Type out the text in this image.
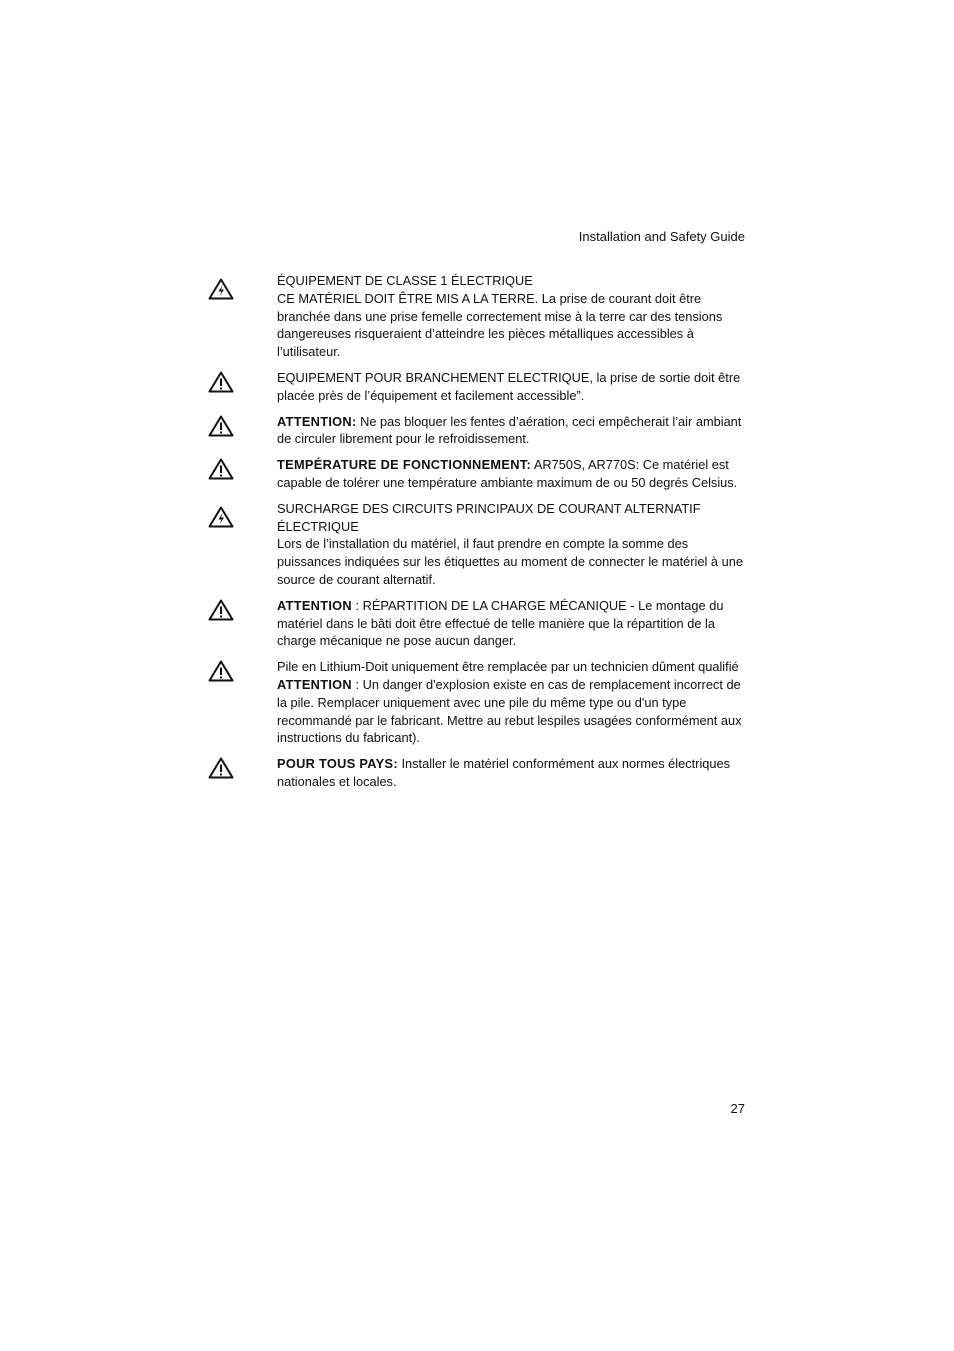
Installation and Safety Guide
ÉQUIPEMENT DE CLASSE 1 ÉLECTRIQUE
CE MATÉRIEL DOIT ÊTRE MIS A LA TERRE. La prise de courant doit être branchée dans une prise femelle correctement mise à la terre car des tensions dangereuses risqueraient d’atteindre les pièces métalliques accessibles à l’utilisateur.
EQUIPEMENT POUR BRANCHEMENT ELECTRIQUE, la prise de sortie doit être placée près de l’équipement et facilement accessible”.
ATTENTION: Ne pas bloquer les fentes d’aération, ceci empêcherait l’air ambiant de circuler librement pour le refroidissement.
TEMPÉRATURE DE FONCTIONNEMENT: AR750S, AR770S: Ce matériel est capable de tolérer une température ambiante maximum de ou 50 degrés Celsius.
SURCHARGE DES CIRCUITS PRINCIPAUX DE COURANT ALTERNATIF ÉLECTRIQUE
Lors de l’installation du matériel, il faut prendre en compte la somme des puissances indiquées sur les étiquettes au moment de connecter le matériel à une source de courant alternatif.
ATTENTION : RÉPARTITION DE LA CHARGE MÉCANIQUE - Le montage du matériel dans le bâti doit être effectué de telle manière que la répartition de la charge mécanique ne pose aucun danger.
Pile en Lithium-Doit uniquement être remplacée par un technicien dûment qualifié
ATTENTION : Un danger d'explosion existe en cas de remplacement incorrect de la pile. Remplacer uniquement avec une pile du même type ou d'un type recommandé par le fabricant. Mettre au rebut lespiles usagées conformément aux instructions du fabricant).
POUR TOUS PAYS: Installer le matériel conformément aux normes électriques nationales et locales.
27
